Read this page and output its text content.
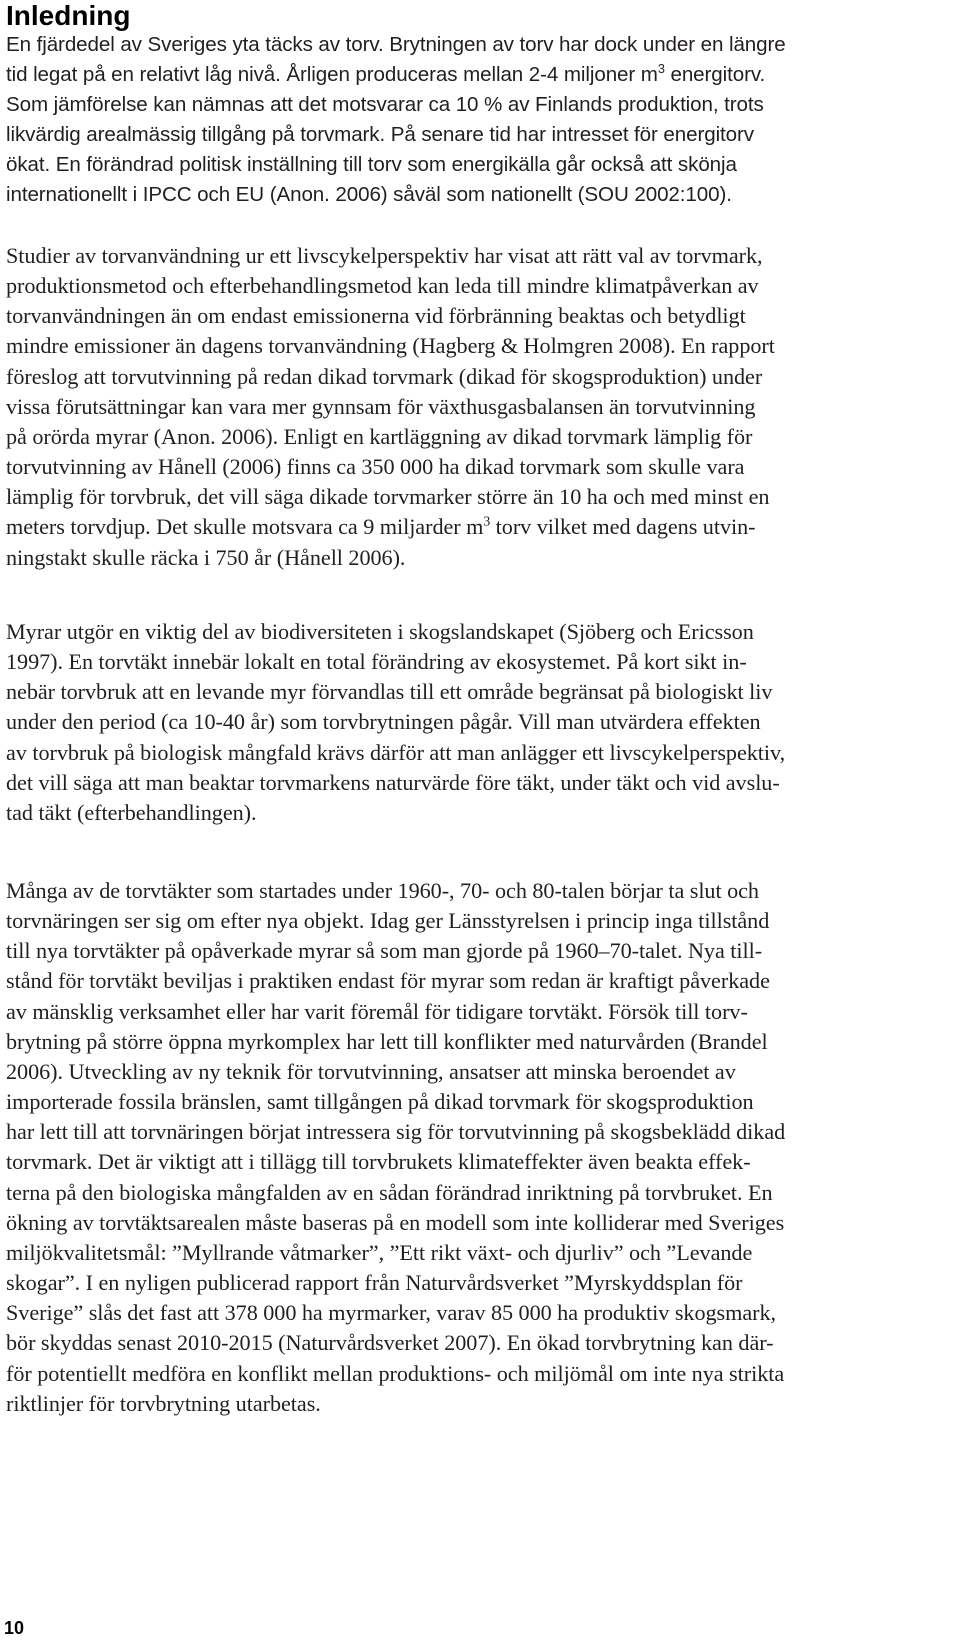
Inledning

En fjärdedel av Sveriges yta täcks av torv. Brytningen av torv har dock under en längre
tid legat på en relativt låg nivå. Årligen produceras mellan 2-4 miljoner $m^3$ energitorv.
Som jämförelse kan nämnas att det motsvarar ca 10 % av Finlands produktion, trots
likvärdig arealmässig tillgång på torvmark. På senare tid har intresset för energitorv
ökat. En förändrad politisk inställning till torv som energikälla går också att skönja
internationellt i IPCC och EU (Anon. 2006) såväl som nationellt (SOU 2002:100).

Studier av torvanvändning ur ett livscykelperspektiv har visat att rätt val av torvmark,
produktionsmetod och efterbehandlingsmetod kan leda till mindre klimatpåverkan av
torvanvändningen än om endast emissionerna vid förbränning beaktas och betydligt
mindre emissioner än dagens torvanvändning (Hagberg & Holmgren 2008). En rapport
föreslog att torvutvinning på redan dikad torvmark (dikad för skogsproduktion) under
vissa förutsättningar kan vara mer gynnsam för växthusgasbalansen än torvutvinning
på orörda myrar (Anon. 2006). Enligt en kartläggning av dikad torvmark lämplig för
torvutvinning av Hånell (2006) finns ca 350 000 ha dikad torvmark som skulle vara
lämplig för torvbruk, det vill säga dikade torvmarker större än 10 ha och med minst en
meters torvdjup. Det skulle motsvara ca 9 miljarder $m^3$ torv vilket med dagens utvin-
ningstakt skulle räcka i 750 år (Hånell 2006).

Myrar utgör en viktig del av biodiversiteten i skogslandskapet (Sjöberg och Ericsson
1997). En torvtäkt innebär lokalt en total förändring av ekosystemet. På kort sikt in-
nebär torvbruk att en levande myr förvandlas till ett område begränsat på biologiskt liv
under den period (ca 10-40 år) som torvbrytningen pågår. Vill man utvärdera effekten
av torvbruk på biologisk mångfald krävs därför att man anlägger ett livscykelperspektiv,
det vill säga att man beaktar torvmarkens naturvärde före täkt, under täkt och vid avslu-
tad täkt (efterbehandlingen).

Många av de torvtäkter som startades under 1960-, 70- och 80-talen börjar ta slut och
torvnäringen ser sig om efter nya objekt. Idag ger Länsstyrelsen i princip inga tillstånd
till nya torvtäkter på opåverkade myrar så som man gjorde på 1960–70-talet. Nya till-
stånd för torvtäkt beviljas i praktiken endast för myrar som redan är kraftigt påverkade
av mänsklig verksamhet eller har varit föremål för tidigare torvtäkt. Försök till torv-
brytning på större öppna myrkomplex har lett till konflikter med naturvården (Brandel
2006). Utveckling av ny teknik för torvutvinning, ansatser att minska beroendet av
importerade fossila bränslen, samt tillgången på dikad torvmark för skogsproduktion
har lett till att torvnäringen börjat intressera sig för torvutvinning på skogsbeklädd dikad
torvmark. Det är viktigt att i tillägg till torvbrukets klimateffekter även beakta effek-
terna på den biologiska mångfalden av en sådan förändrad inriktning på torvbruket. En
ökning av torvtäktsarealen måste baseras på en modell som inte kolliderar med Sveriges
miljökvalitetsmål: ”Myllrande våtmarker”, ”Ett rikt växt- och djurliv” och ”Levande
skogar”. I en nyligen publicerad rapport från Naturvårdsverket ”Myrskyddsplan för
Sverige” slås det fast att 378 000 ha myrmarker, varav 85 000 ha produktiv skogsmark,
bör skyddas senast 2010-2015 (Naturvårdsverket 2007). En ökad torvbrytning kan där-
för potentiellt medföra en konflikt mellan produktions- och miljömål om inte nya strikta
riktlinjer för torvbrytning utarbetas.

10
